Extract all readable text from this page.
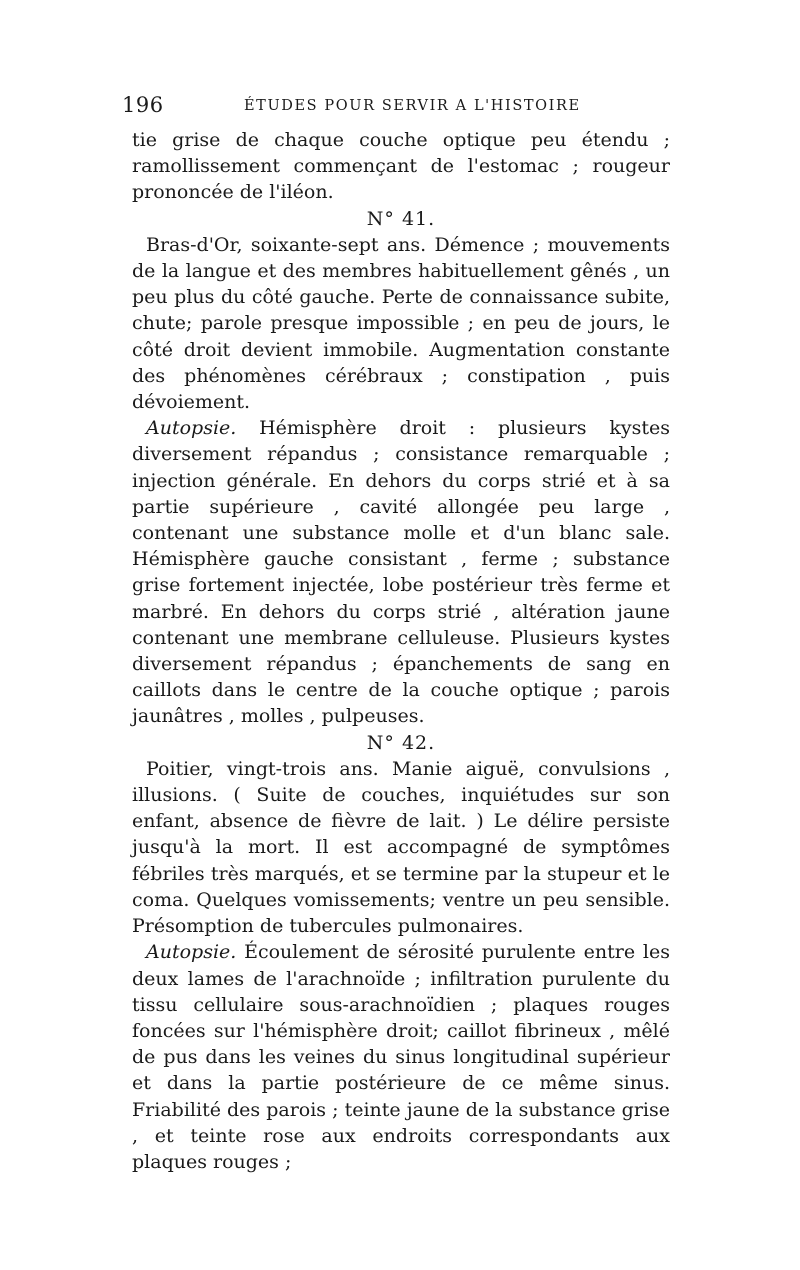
196	ÉTUDES POUR SERVIR A L'HISTOIRE

tie grise de chaque couche optique peu étendu ; ramollissement commençant de l'estomac ; rougeur prononcée de l'iléon.

N° 41.

Bras-d'Or, soixante-sept ans. Démence ; mouvements de la langue et des membres habituellement gênés , un peu plus du côté gauche. Perte de connaissance subite, chute; parole presque impossible ; en peu de jours, le côté droit devient immobile. Augmentation constante des phénomènes cérébraux ; constipation , puis dévoiement.

Autopsie. Hémisphère droit : plusieurs kystes diversement répandus ; consistance remarquable ; injection générale. En dehors du corps strié et à sa partie supérieure , cavité allongée peu large , contenant une substance molle et d'un blanc sale. Hémisphère gauche consistant , ferme ; substance grise fortement injectée, lobe postérieur très ferme et marbré. En dehors du corps strié , altération jaune contenant une membrane celluleuse. Plusieurs kystes diversement répandus ; épanchements de sang en caillots dans le centre de la couche optique ; parois jaunâtres , molles , pulpeuses.

N° 42.

Poitier, vingt-trois ans. Manie aiguë, convulsions , illusions. ( Suite de couches, inquiétudes sur son enfant, absence de fièvre de lait. ) Le délire persiste jusqu'à la mort. Il est accompagné de symptômes fébriles très marqués, et se termine par la stupeur et le coma. Quelques vomissements; ventre un peu sensible. Présomption de tubercules pulmonaires.

Autopsie. Écoulement de sérosité purulente entre les deux lames de l'arachnoïde ; infiltration purulente du tissu cellulaire sous-arachnoïdien ; plaques rouges foncées sur l'hémisphère droit; caillot fibrineux , mêlé de pus dans les veines du sinus longitudinal supérieur et dans la partie postérieure de ce même sinus. Friabilité des parois ; teinte jaune de la substance grise , et teinte rose aux endroits correspondants aux plaques rouges ;
